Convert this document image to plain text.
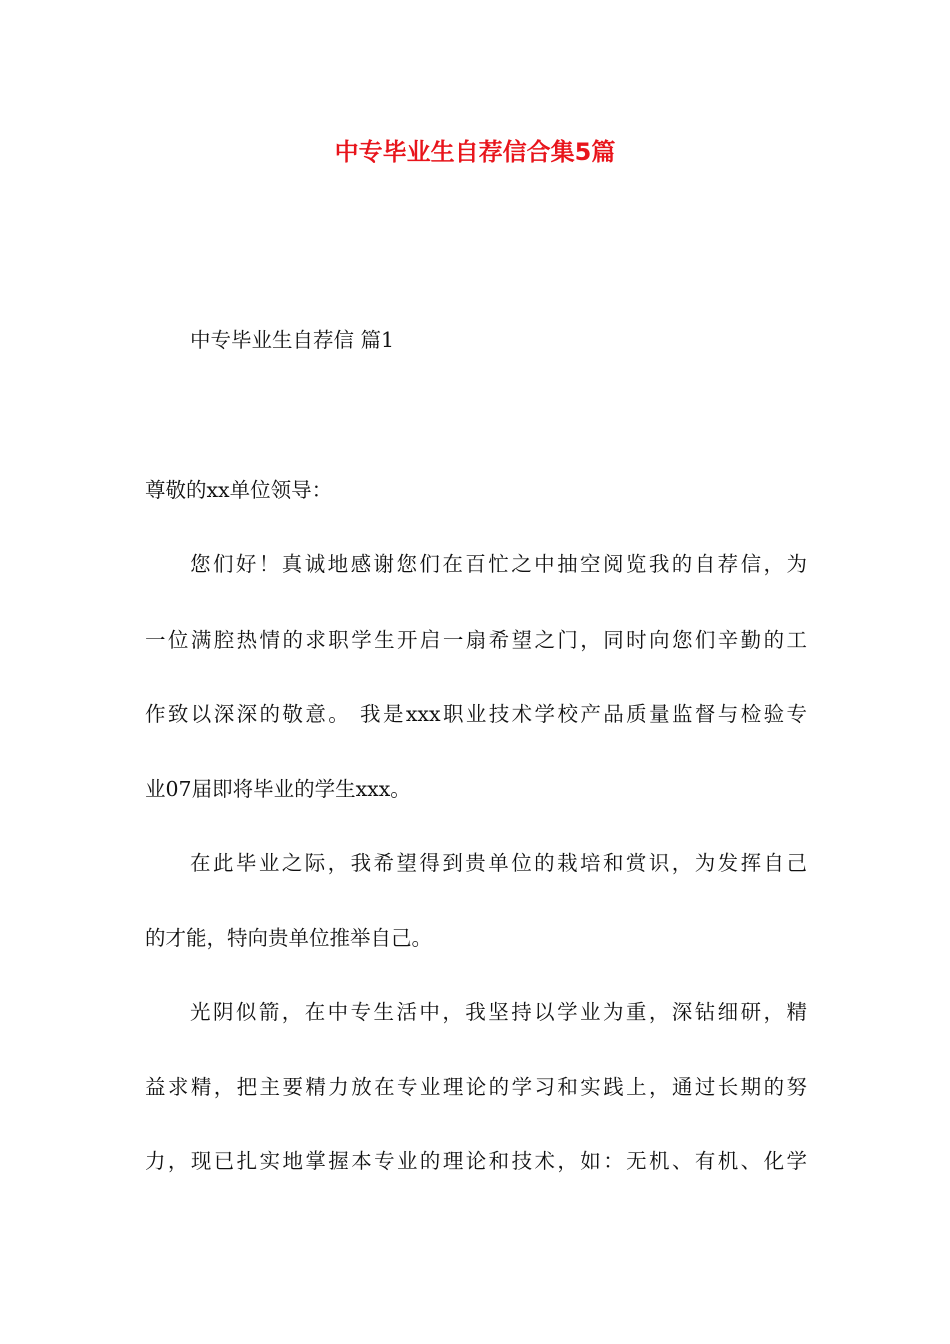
中专毕业生自荐信合集5篇

中专毕业生自荐信 篇1

尊敬的xx单位领导：

您们好！真诚地感谢您们在百忙之中抽空阅览我的自荐信，为

一位满腔热情的求职学生开启一扇希望之门，同时向您们辛勤的工

作致以深深的敬意。 我是xxx职业技术学校产品质量监督与检验专

业07届即将毕业的学生xxx。

在此毕业之际，我希望得到贵单位的栽培和赏识，为发挥自己

的才能，特向贵单位推举自己。

光阴似箭，在中专生活中，我坚持以学业为重，深钻细研，精

益求精，把主要精力放在专业理论的学习和实践上，通过长期的努

力，现已扎实地掌握本专业的理论和技术，如：无机、有机、化学
